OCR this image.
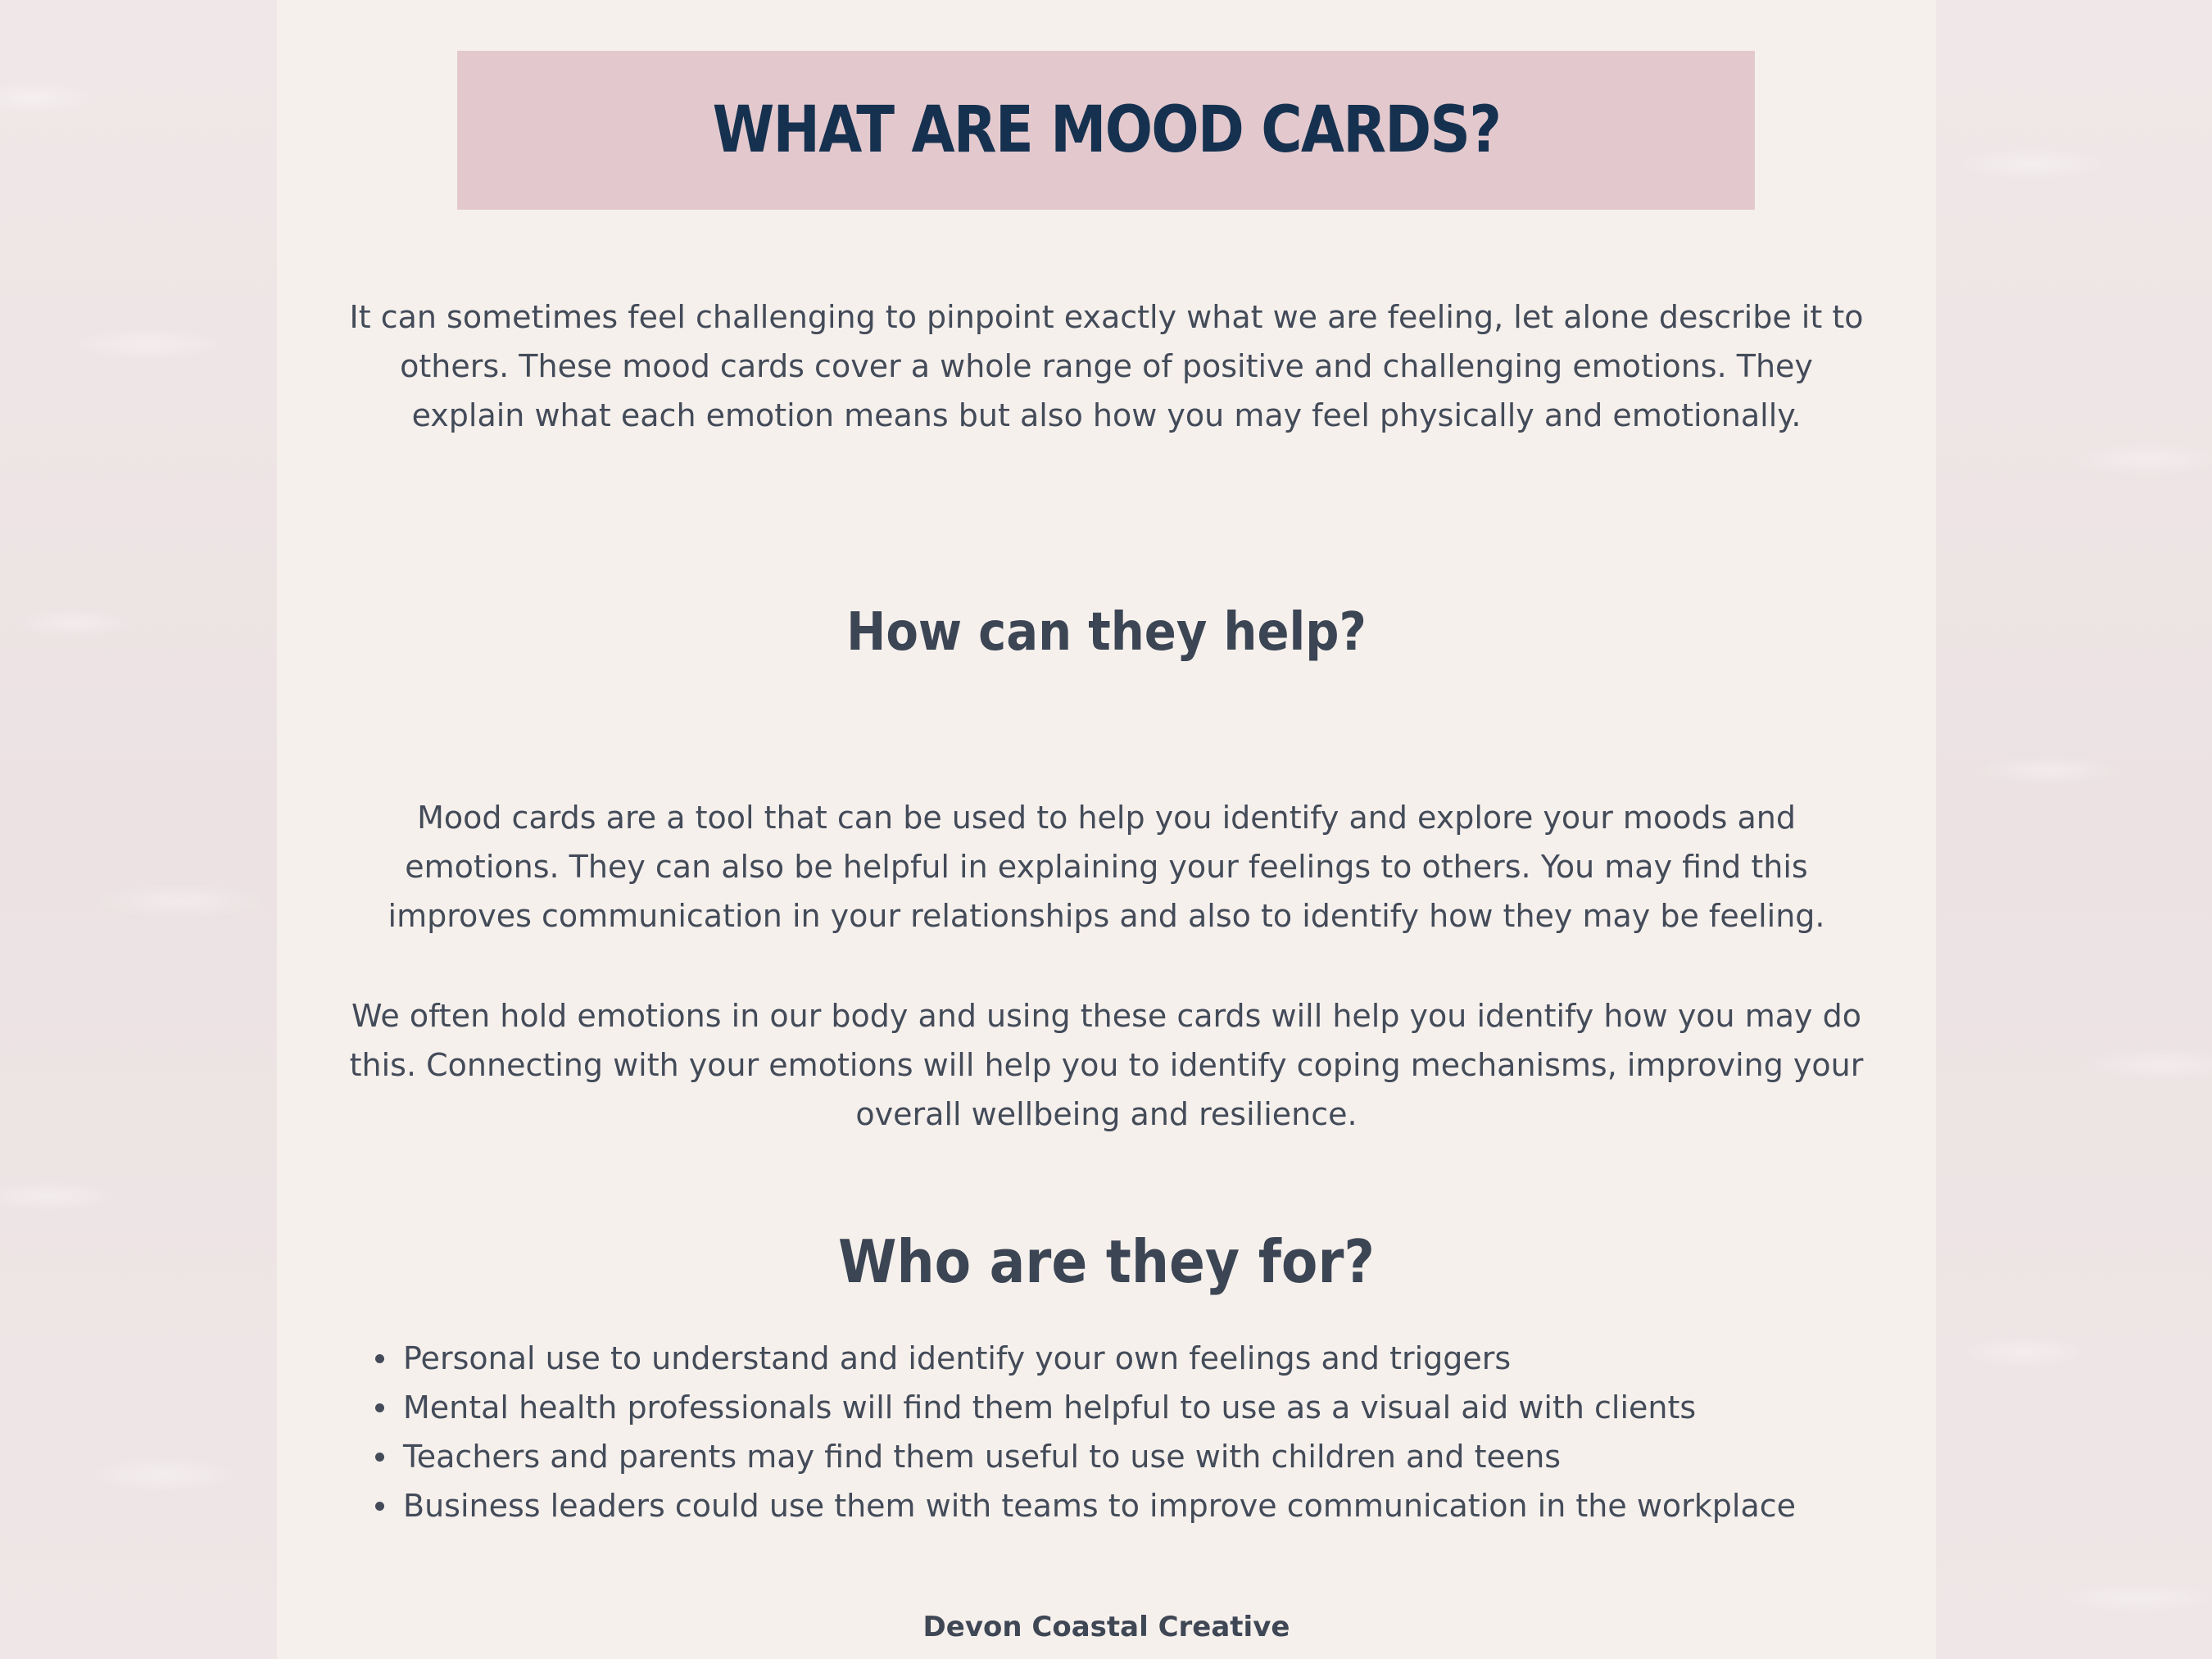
WHAT ARE MOOD CARDS?

It can sometimes feel challenging to pinpoint exactly what we are feeling, let alone describe it to others. These mood cards cover a whole range of positive and challenging emotions. They explain what each emotion means but also how you may feel physically and emotionally.

How can they help?

Mood cards are a tool that can be used to help you identify and explore your moods and emotions. They can also be helpful in explaining your feelings to others. You may find this improves communication in your relationships and also to identify how they may be feeling.

We often hold emotions in our body and using these cards will help you identify how you may do this. Connecting with your emotions will help you to identify coping mechanisms, improving your overall wellbeing and resilience.

Who are they for?
Personal use to understand and identify your own feelings and triggers
Mental health professionals will find them helpful to use as a visual aid with clients
Teachers and parents may find them useful to use with children and teens
Business leaders could use them with teams to improve communication in the workplace

Devon Coastal Creative
